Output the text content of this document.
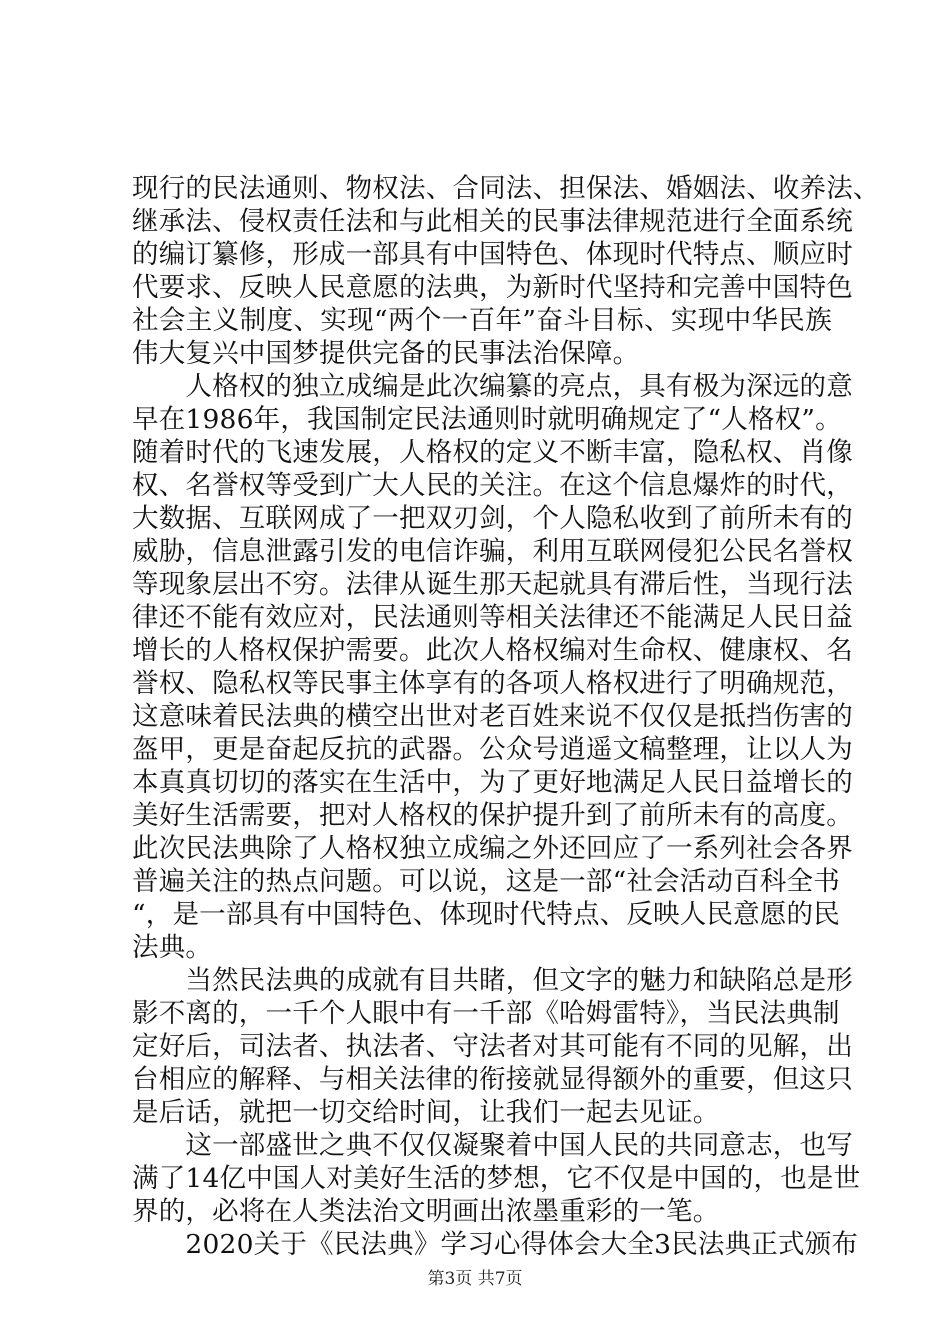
现行的民法通则、物权法、合同法、担保法、婚姻法、收养法、
继承法、侵权责任法和与此相关的民事法律规范进行全面系统
的编订纂修，形成一部具有中国特色、体现时代特点、顺应时
代要求、反映人民意愿的法典，为新时代坚持和完善中国特色
社会主义制度、实现“两个一百年”奋斗目标、实现中华民族
伟大复兴中国梦提供完备的民事法治保障。
　　人格权的独立成编是此次编纂的亮点，具有极为深远的意
早在1986年，我国制定民法通则时就明确规定了“人格权”。
随着时代的飞速发展，人格权的定义不断丰富，隐私权、肖像
权、名誉权等受到广大人民的关注。在这个信息爆炸的时代，
大数据、互联网成了一把双刃剑，个人隐私收到了前所未有的
威胁，信息泄露引发的电信诈骗，利用互联网侵犯公民名誉权
等现象层出不穷。法律从诞生那天起就具有滞后性，当现行法
律还不能有效应对，民法通则等相关法律还不能满足人民日益
增长的人格权保护需要。此次人格权编对生命权、健康权、名
誉权、隐私权等民事主体享有的各项人格权进行了明确规范，
这意味着民法典的横空出世对老百姓来说不仅仅是抵挡伤害的
盔甲，更是奋起反抗的武器。公众号逍遥文稿整理，让以人为
本真真切切的落实在生活中，为了更好地满足人民日益增长的
美好生活需要，把对人格权的保护提升到了前所未有的高度。
此次民法典除了人格权独立成编之外还回应了一系列社会各界
普遍关注的热点问题。可以说，这是一部“社会活动百科全书
“，是一部具有中国特色、体现时代特点、反映人民意愿的民
法典。
　　当然民法典的成就有目共睹，但文字的魅力和缺陷总是形
影不离的，一千个人眼中有一千部《哈姆雷特》，当民法典制
定好后，司法者、执法者、守法者对其可能有不同的见解，出
台相应的解释、与相关法律的衔接就显得额外的重要，但这只
是后话，就把一切交给时间，让我们一起去见证。
　　这一部盛世之典不仅仅凝聚着中国人民的共同意志，也写
满了14亿中国人对美好生活的梦想，它不仅是中国的，也是世
界的，必将在人类法治文明画出浓墨重彩的一笔。
　　2020关于《民法典》学习心得体会大全3民法典正式颁布
第3页 共7页
